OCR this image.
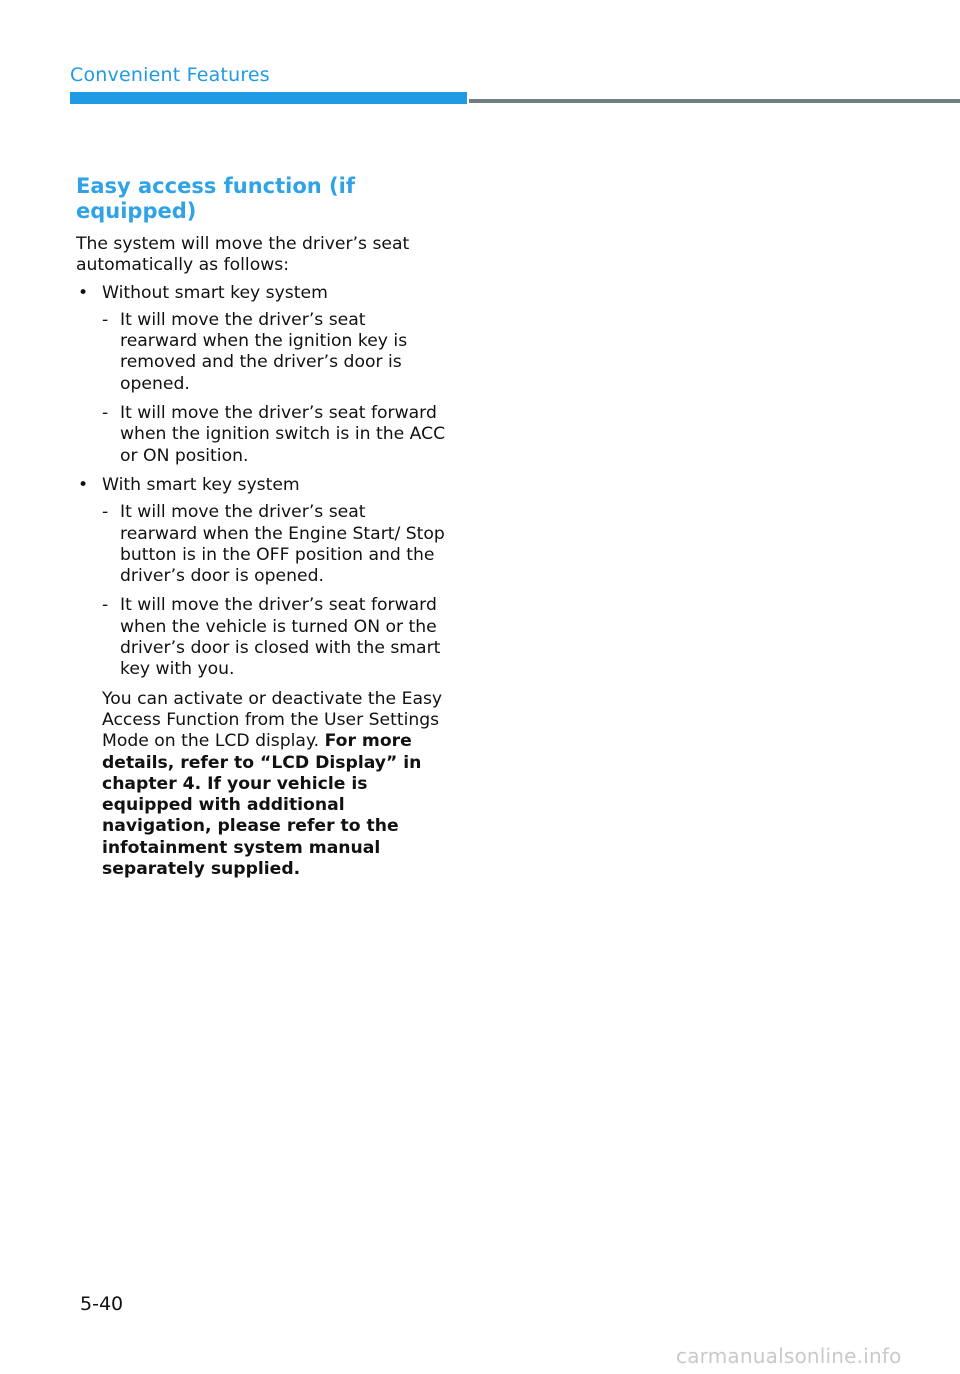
Convenient Features
Easy access function (if equipped)

The system will move the driver’s seat automatically as follows:

• Without smart key system
- It will move the driver’s seat rearward when the ignition key is removed and the driver’s door is opened.
- It will move the driver’s seat forward when the ignition switch is in the ACC or ON position.
• With smart key system
- It will move the driver’s seat rearward when the Engine Start/ Stop button is in the OFF position and the driver’s door is opened.
- It will move the driver’s seat forward when the vehicle is turned ON or the driver’s door is closed with the smart key with you.

You can activate or deactivate the Easy Access Function from the User Settings Mode on the LCD display. For more details, refer to “LCD Display” in chapter 4. If your vehicle is equipped with additional navigation, please refer to the infotainment system manual separately supplied.

5-40
carmanualsonline.info
